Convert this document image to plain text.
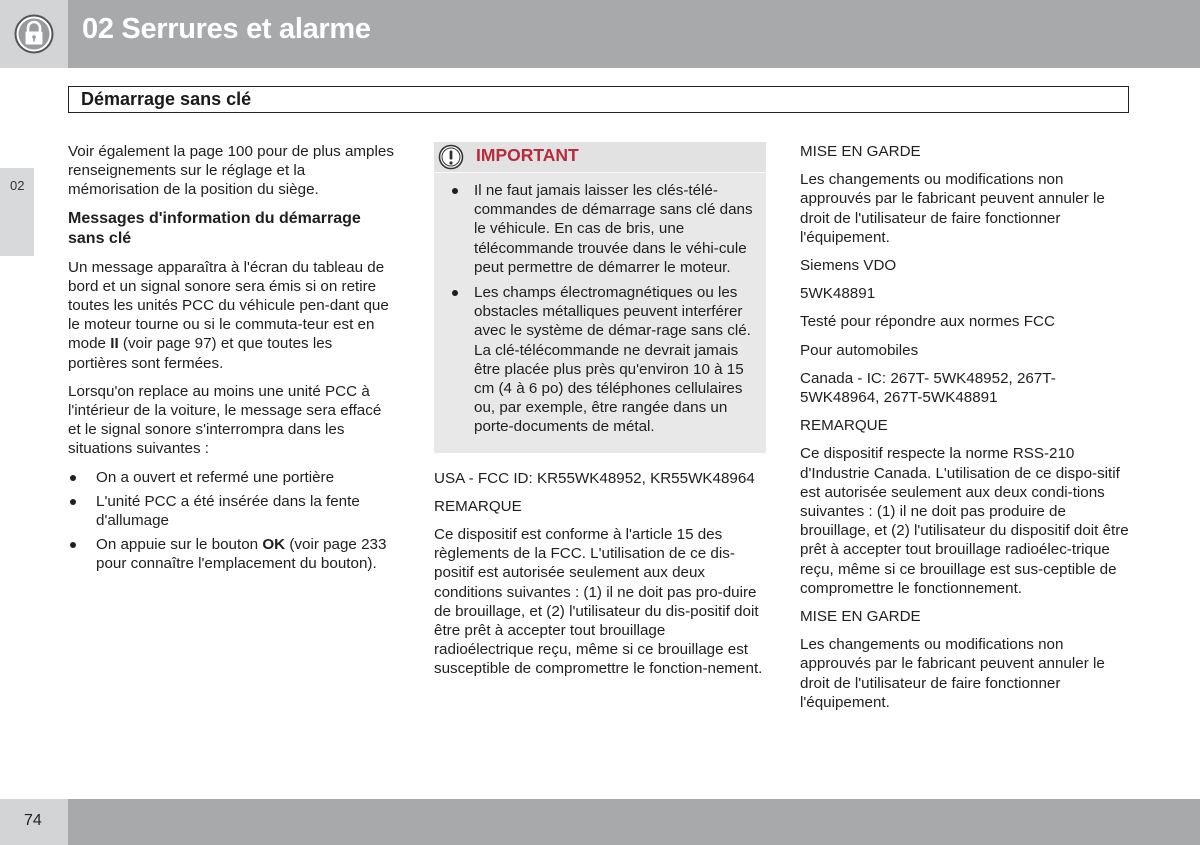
02 Serrures et alarme
Démarrage sans clé
02

Voir également la page 100 pour de plus amples renseignements sur le réglage et la mémorisation de la position du siège.

Messages d'information du démarrage sans clé

Un message apparaîtra à l'écran du tableau de bord et un signal sonore sera émis si on retire toutes les unités PCC du véhicule pen-dant que le moteur tourne ou si le commuta-teur est en mode II (voir page 97) et que toutes les portières sont fermées.

Lorsqu'on replace au moins une unité PCC à l'intérieur de la voiture, le message sera effacé et le signal sonore s'interrompra dans les situations suivantes :

On a ouvert et refermé une portière
L'unité PCC a été insérée dans la fente d'allumage
On appuie sur le bouton OK (voir page 233 pour connaître l'emplacement du bouton).
IMPORTANT
Il ne faut jamais laisser les clés-télé-commandes de démarrage sans clé dans le véhicule. En cas de bris, une télécommande trouvée dans le véhi-cule peut permettre de démarrer le moteur.
Les champs électromagnétiques ou les obstacles métalliques peuvent interférer avec le système de démar-rage sans clé. La clé-télécommande ne devrait jamais être placée plus près qu'environ 10 à 15 cm (4 à 6 po) des téléphones cellulaires ou, par exemple, être rangée dans un porte-documents de métal.

USA - FCC ID: KR55WK48952, KR55WK48964

REMARQUE

Ce dispositif est conforme à l'article 15 des règlements de la FCC. L'utilisation de ce dis-positif est autorisée seulement aux deux conditions suivantes : (1) il ne doit pas pro-duire de brouillage, et (2) l'utilisateur du dis-positif doit être prêt à accepter tout brouillage radioélectrique reçu, même si ce brouillage est susceptible de compromettre le fonction-nement.

MISE EN GARDE

Les changements ou modifications non approuvés par le fabricant peuvent annuler le droit de l'utilisateur de faire fonctionner l'équipement.

Siemens VDO

5WK48891

Testé pour répondre aux normes FCC

Pour automobiles

Canada - IC: 267T- 5WK48952, 267T-5WK48964, 267T-5WK48891

REMARQUE

Ce dispositif respecte la norme RSS-210 d'Industrie Canada. L'utilisation de ce dispo-sitif est autorisée seulement aux deux condi-tions suivantes : (1) il ne doit pas produire de brouillage, et (2) l'utilisateur du dispositif doit être prêt à accepter tout brouillage radioélec-trique reçu, même si ce brouillage est sus-ceptible de compromettre le fonctionnement.

MISE EN GARDE

Les changements ou modifications non approuvés par le fabricant peuvent annuler le droit de l'utilisateur de faire fonctionner l'équipement.

74
